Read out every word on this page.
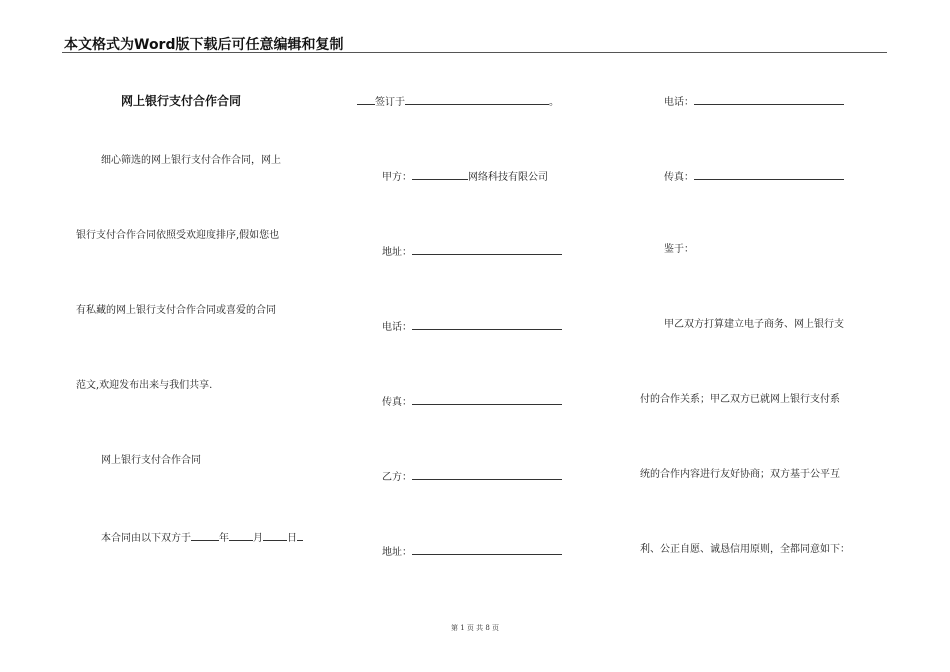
本文格式为Word版下载后可任意编辑和复制
网上银行支付合作合同
细心筛选的网上银行支付合作合同，网上
银行支付合作合同依照受欢迎度排序,假如您也
有私藏的网上银行支付合作合同或喜爱的合同
范文,欢迎发布出来与我们共享.
网上银行支付合作合同
本合同由以下双方于	年 月 日
签订于	。
甲方：	网络科技有限公司
地址：
电话：
传真：
乙方：
地址：
电话：
传真：
鉴于：
甲乙双方打算建立电子商务、网上银行支
付的合作关系；甲乙双方已就网上银行支付系
统的合作内容进行友好协商；双方基于公平互
利、公正自愿、诚恳信用原则，全都同意如下：
第 1 页 共 8 页
